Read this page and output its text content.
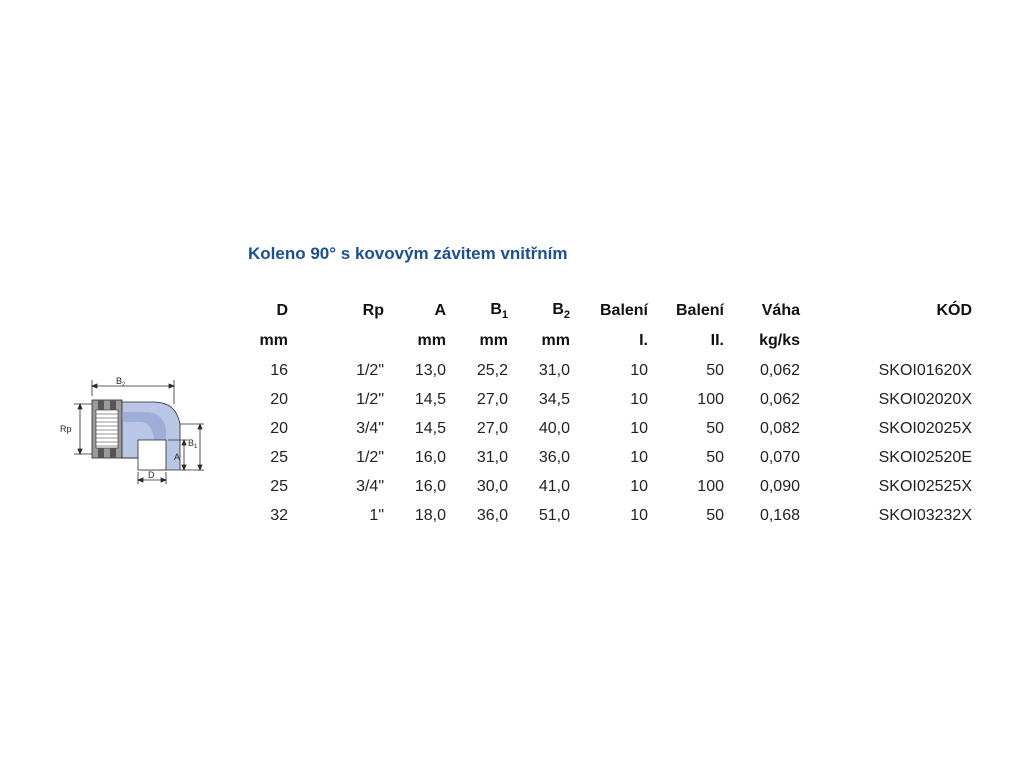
Koleno 90° s kovovým závitem vnitřním
$B_2$
Rp
$B_1$
A
D
D	Rp	A	$B_1$	$B_2$	Balení	Balení	Váha	KÓD
mm		mm	mm	mm	I.	II.	kg/ks	
16	1/2"	13,0	25,2	31,0	10	50	0,062	SKOI01620X
20	1/2"	14,5	27,0	34,5	10	100	0,062	SKOI02020X
20	3/4"	14,5	27,0	40,0	10	50	0,082	SKOI02025X
25	1/2"	16,0	31,0	36,0	10	50	0,070	SKOI02520E
25	3/4"	16,0	30,0	41,0	10	100	0,090	SKOI02525X
32	1"	18,0	36,0	51,0	10	50	0,168	SKOI03232X
